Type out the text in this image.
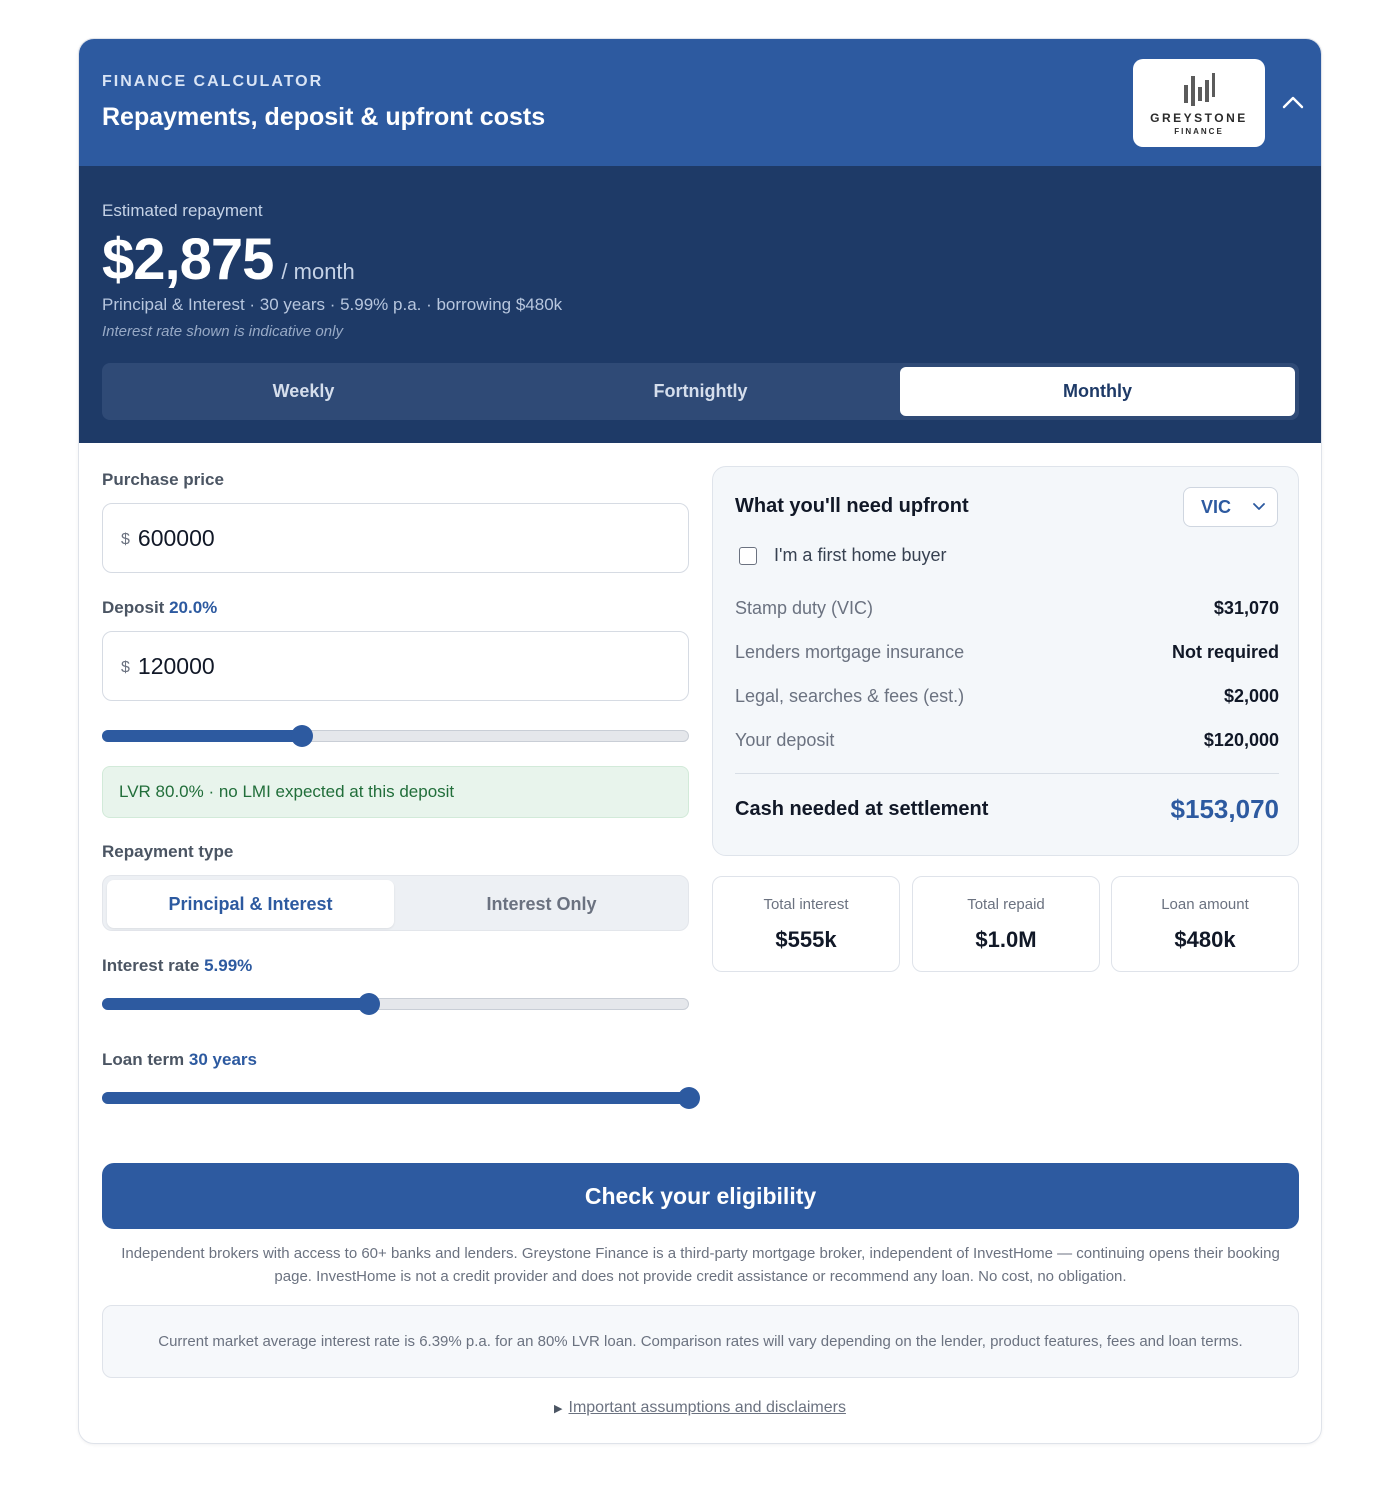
FINANCE CALCULATOR
Repayments, deposit & upfront costs	GREYSTONE
FINANCE
Estimated repayment
$2,875 / month
Principal & Interest · 30 years · 5.99% p.a. · borrowing $480k
Interest rate shown is indicative only
Weekly	Fortnightly	Monthly
Purchase price
$ 600000
Deposit 20.0%
$ 120000
LVR 80.0% · no LMI expected at this deposit
Repayment type
Principal & Interest	Interest Only
Interest rate 5.99%
Loan term 30 years
What you'll need upfront	VIC
I'm a first home buyer
Stamp duty (VIC)	$31,070
Lenders mortgage insurance	Not required
Legal, searches & fees (est.)	$2,000
Your deposit	$120,000
Cash needed at settlement	$153,070
Total interest
$555k
Total repaid
$1.0M
Loan amount
$480k
Check your eligibility
Independent brokers with access to 60+ banks and lenders. Greystone Finance is a third-party mortgage broker, independent of InvestHome — continuing opens their booking page. InvestHome is not a credit provider and does not provide credit assistance or recommend any loan. No cost, no obligation.
Current market average interest rate is 6.39% p.a. for an 80% LVR loan. Comparison rates will vary depending on the lender, product features, fees and loan terms.
▶ Important assumptions and disclaimers
